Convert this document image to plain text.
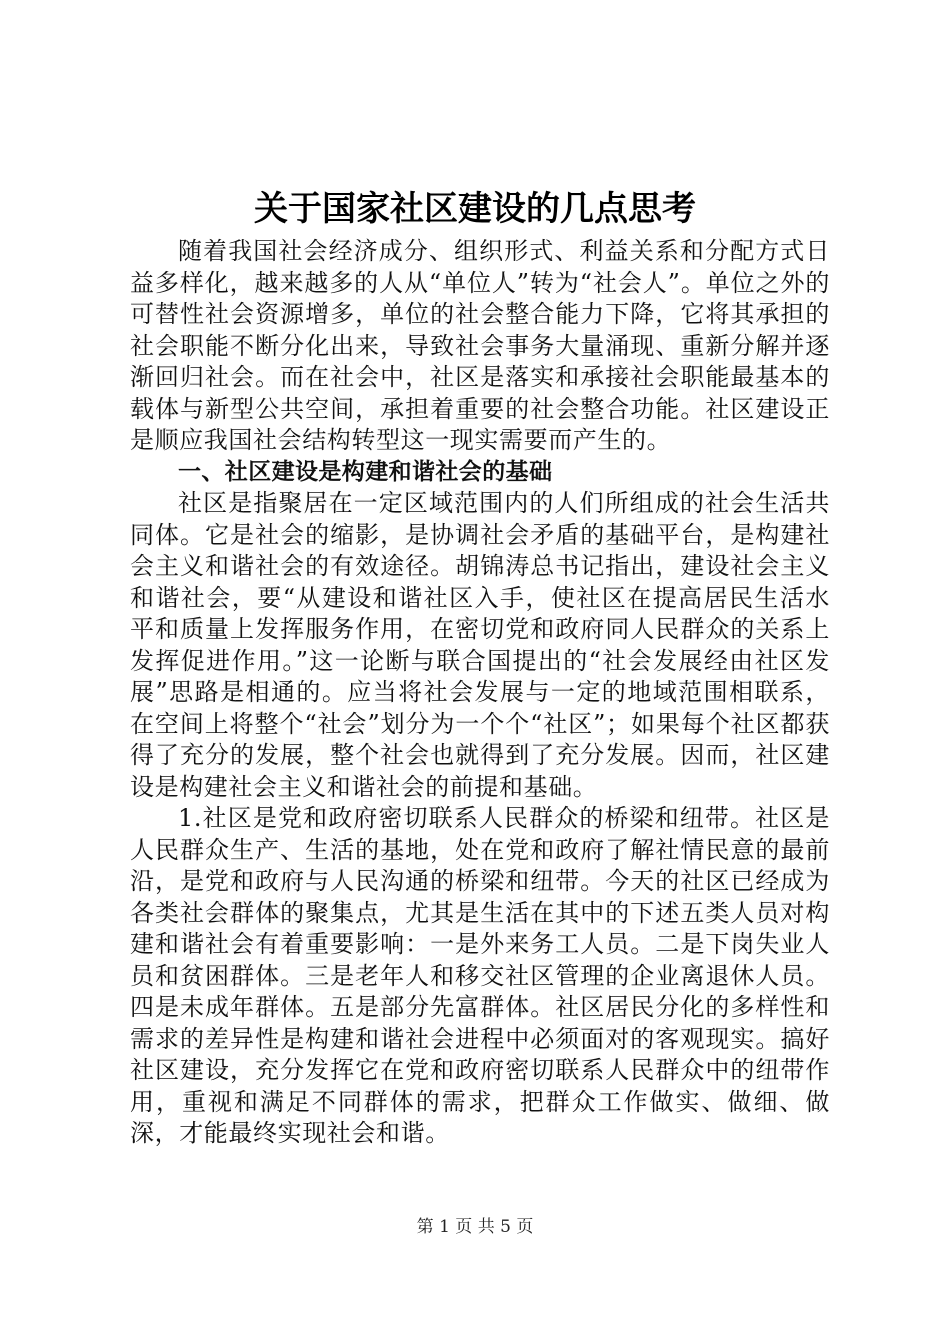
关于国家社区建设的几点思考

随着我国社会经济成分、组织形式、利益关系和分配方式日益多样化，越来越多的人从“单位人”转为“社会人”。单位之外的可替性社会资源增多，单位的社会整合能力下降，它将其承担的社会职能不断分化出来，导致社会事务大量涌现、重新分解并逐渐回归社会。而在社会中，社区是落实和承接社会职能最基本的载体与新型公共空间，承担着重要的社会整合功能。社区建设正是顺应我国社会结构转型这一现实需要而产生的。

一、社区建设是构建和谐社会的基础

社区是指聚居在一定区域范围内的人们所组成的社会生活共同体。它是社会的缩影，是协调社会矛盾的基础平台，是构建社会主义和谐社会的有效途径。胡锦涛总书记指出，建设社会主义和谐社会，要“从建设和谐社区入手，使社区在提高居民生活水平和质量上发挥服务作用，在密切党和政府同人民群众的关系上发挥促进作用。”这一论断与联合国提出的“社会发展经由社区发展”思路是相通的。应当将社会发展与一定的地域范围相联系，在空间上将整个“社会”划分为一个个“社区”；如果每个社区都获得了充分的发展，整个社会也就得到了充分发展。因而，社区建设是构建社会主义和谐社会的前提和基础。

1.社区是党和政府密切联系人民群众的桥梁和纽带。社区是人民群众生产、生活的基地，处在党和政府了解社情民意的最前沿，是党和政府与人民沟通的桥梁和纽带。今天的社区已经成为各类社会群体的聚集点，尤其是生活在其中的下述五类人员对构建和谐社会有着重要影响：一是外来务工人员。二是下岗失业人员和贫困群体。三是老年人和移交社区管理的企业离退休人员。四是未成年群体。五是部分先富群体。社区居民分化的多样性和需求的差异性是构建和谐社会进程中必须面对的客观现实。搞好社区建设，充分发挥它在党和政府密切联系人民群众中的纽带作用，重视和满足不同群体的需求，把群众工作做实、做细、做深，才能最终实现社会和谐。

第 1 页 共 5 页
